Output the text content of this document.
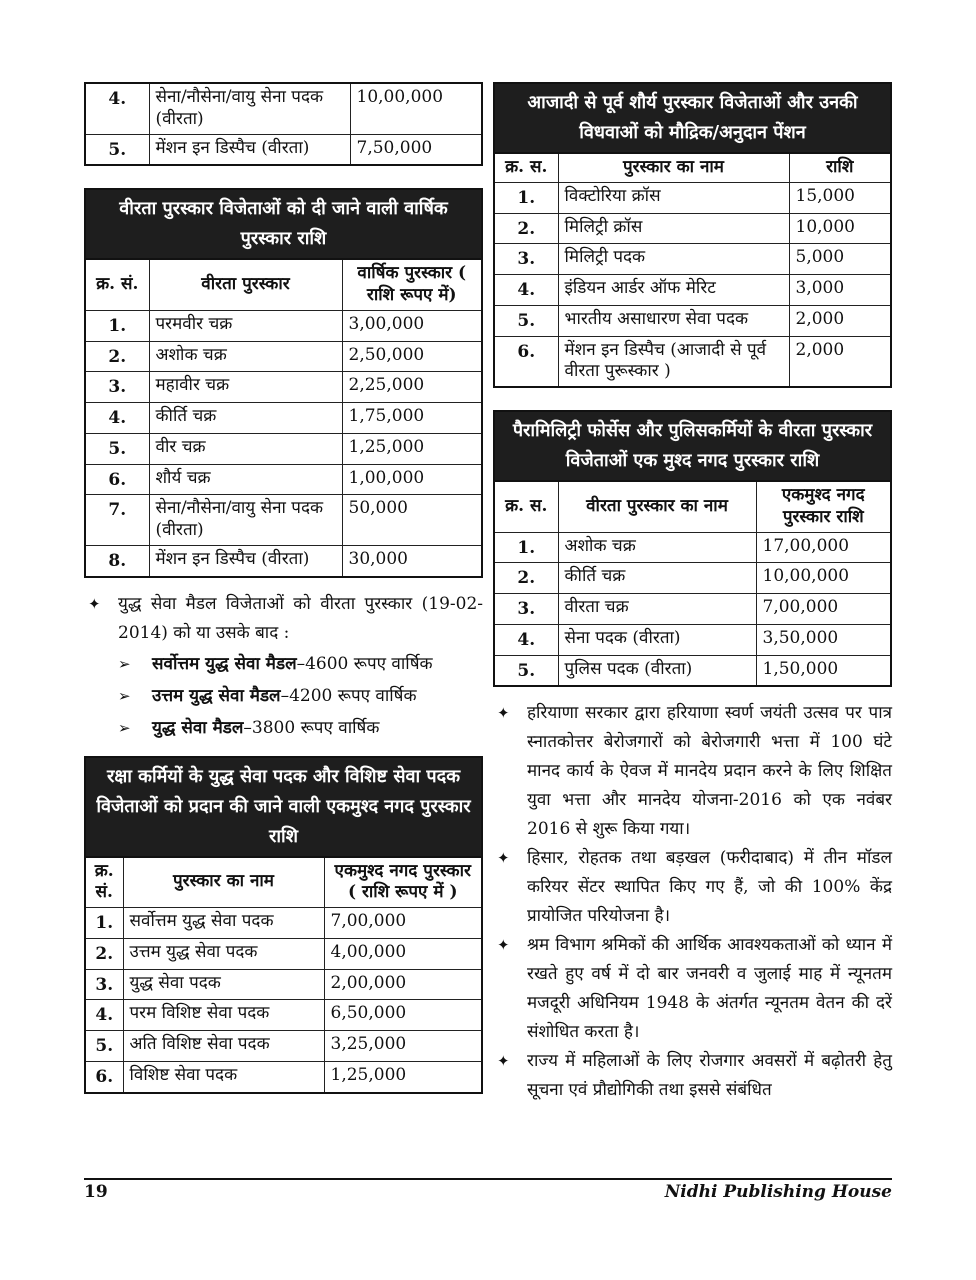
4.	सेना/नौसेना/वायु सेना पदक (वीरता)	10,00,000
5.	मेंशन इन डिस्पैच (वीरता)	7,50,000
वीरता पुरस्कार विजेताओं को दी जाने वाली वार्षिक पुरस्कार राशि
क्र. सं.	वीरता पुरस्कार	वार्षिक पुरस्कार ( राशि रूपए में)
1.	परमवीर चक्र	3,00,000
2.	अशोक चक्र	2,50,000
3.	महावीर चक्र	2,25,000
4.	कीर्ति चक्र	1,75,000
5.	वीर चक्र	1,25,000
6.	शौर्य चक्र	1,00,000
7.	सेना/नौसेना/वायु सेना पदक (वीरता)	50,000
8.	मेंशन इन डिस्पैच (वीरता)	30,000
✦ युद्ध सेवा मैडल विजेताओं को वीरता पुरस्कार (19-02-2014) को या उसके बाद :
➢ सर्वोत्तम युद्ध सेवा मैडल–4600 रूपए वार्षिक
➢ उत्तम युद्ध सेवा मैडल–4200 रूपए वार्षिक
➢ युद्ध सेवा मैडल–3800 रूपए वार्षिक
रक्षा कर्मियों के युद्ध सेवा पदक और विशिष्ट सेवा पदक विजेताओं को प्रदान की जाने वाली एकमुश्द नगद पुरस्कार राशि
क्र. सं.	पुरस्कार का नाम	एकमुश्द नगद पुरस्कार ( राशि रूपए में )
1.	सर्वोत्तम युद्ध सेवा पदक	7,00,000
2.	उत्तम युद्ध सेवा पदक	4,00,000
3.	युद्ध सेवा पदक	2,00,000
4.	परम विशिष्ट सेवा पदक	6,50,000
5.	अति विशिष्ट सेवा पदक	3,25,000
6.	विशिष्ट सेवा पदक	1,25,000
आजादी से पूर्व शौर्य पुरस्कार विजेताओं और उनकी विधवाओं को मौद्रिक/अनुदान पेंशन
क्र. स.	पुरस्कार का नाम	राशि
1.	विक्टोरिया क्रॉस	15,000
2.	मिलिट्री क्रॉस	10,000
3.	मिलिट्री पदक	5,000
4.	इंडियन आर्डर ऑफ मेरिट	3,000
5.	भारतीय असाधारण सेवा पदक	2,000
6.	मेंशन इन डिस्पैच (आजादी से पूर्व वीरता पुरूस्कार )	2,000
पैरामिलिट्री फोर्सेस और पुलिसकर्मियों के वीरता पुरस्कार विजेताओं एक मुश्द नगद पुरस्कार राशि
क्र. स.	वीरता पुरस्कार का नाम	एकमुश्द नगद पुरस्कार राशि
1.	अशोक चक्र	17,00,000
2.	कीर्ति चक्र	10,00,000
3.	वीरता चक्र	7,00,000
4.	सेना पदक (वीरता)	3,50,000
5.	पुलिस पदक (वीरता)	1,50,000
✦ हरियाणा सरकार द्वारा हरियाणा स्वर्ण जयंती उत्सव पर पात्र स्नातकोत्तर बेरोजगारों को बेरोजगारी भत्ता में 100 घंटे मानद कार्य के ऐवज में मानदेय प्रदान करने के लिए शिक्षित युवा भत्ता और मानदेय योजना-2016 को एक नवंबर 2016 से शुरू किया गया।
✦ हिसार, रोहतक तथा बड़खल (फरीदाबाद) में तीन मॉडल करियर सेंटर स्थापित किए गए हैं, जो की 100% केंद्र प्रायोजित परियोजना है।
✦ श्रम विभाग श्रमिकों की आर्थिक आवश्यकताओं को ध्यान में रखते हुए वर्ष में दो बार जनवरी व जुलाई माह में न्यूनतम मजदूरी अधिनियम 1948 के अंतर्गत न्यूनतम वेतन की दरें संशोधित करता है।
✦ राज्य में महिलाओं के लिए रोजगार अवसरों में बढ़ोतरी हेतु सूचना एवं प्रौद्योगिकी तथा इससे संबंधित
19	Nidhi Publishing House
